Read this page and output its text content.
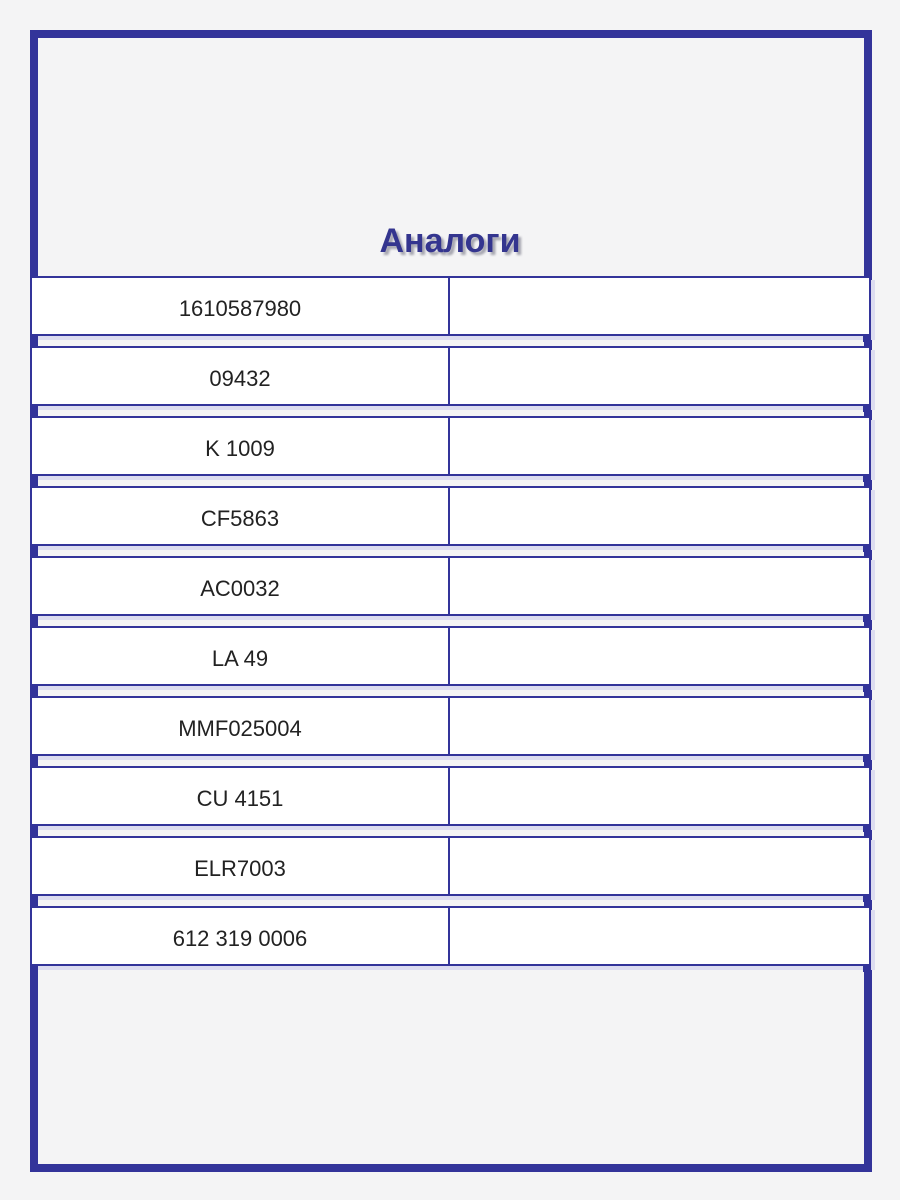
Аналоги
1610587980
09432
K 1009
CF5863
AC0032
LA 49
MMF025004
CU 4151
ELR7003
612 319 0006
